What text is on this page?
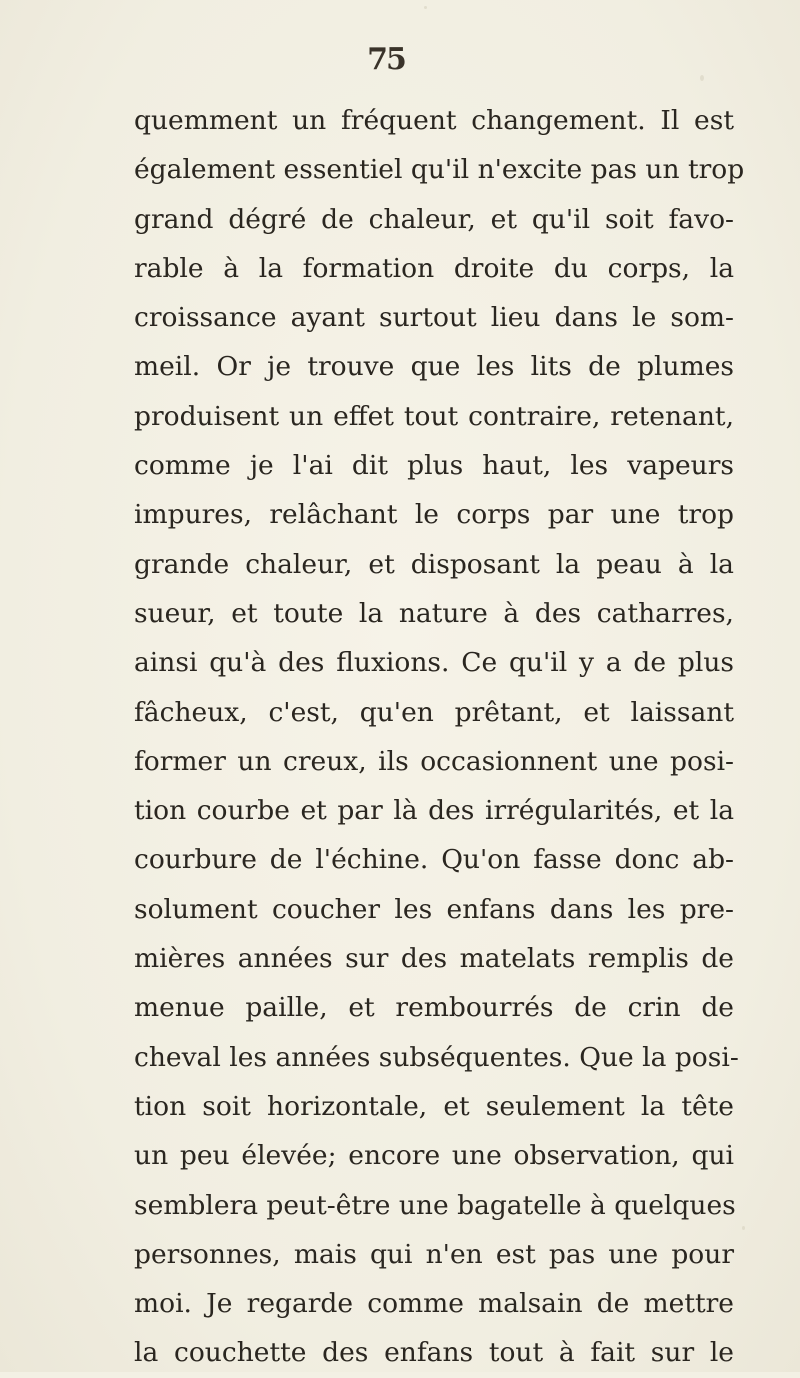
75
quemment un fréquent changement. Il est
également essentiel qu'il n'excite pas un trop
grand dégré de chaleur, et qu'il soit favo-
rable à la formation droite du corps, la
croissance ayant surtout lieu dans le som-
meil. Or je trouve que les lits de plumes
produisent un effet tout contraire, retenant,
comme je l'ai dit plus haut, les vapeurs
impures, relâchant le corps par une trop
grande chaleur, et disposant la peau à la
sueur, et toute la nature à des catharres,
ainsi qu'à des fluxions. Ce qu'il y a de plus
fâcheux, c'est, qu'en prêtant, et laissant
former un creux, ils occasionnent une posi-
tion courbe et par là des irrégularités, et la
courbure de l'échine. Qu'on fasse donc ab-
solument coucher les enfans dans les pre-
mières années sur des matelats remplis de
menue paille, et rembourrés de crin de
cheval les années subséquentes. Que la posi-
tion soit horizontale, et seulement la tête
un peu élevée; encore une observation, qui
semblera peut-être une bagatelle à quelques
personnes, mais qui n'en est pas une pour
moi. Je regarde comme malsain de mettre
la couchette des enfans tout à fait sur le
